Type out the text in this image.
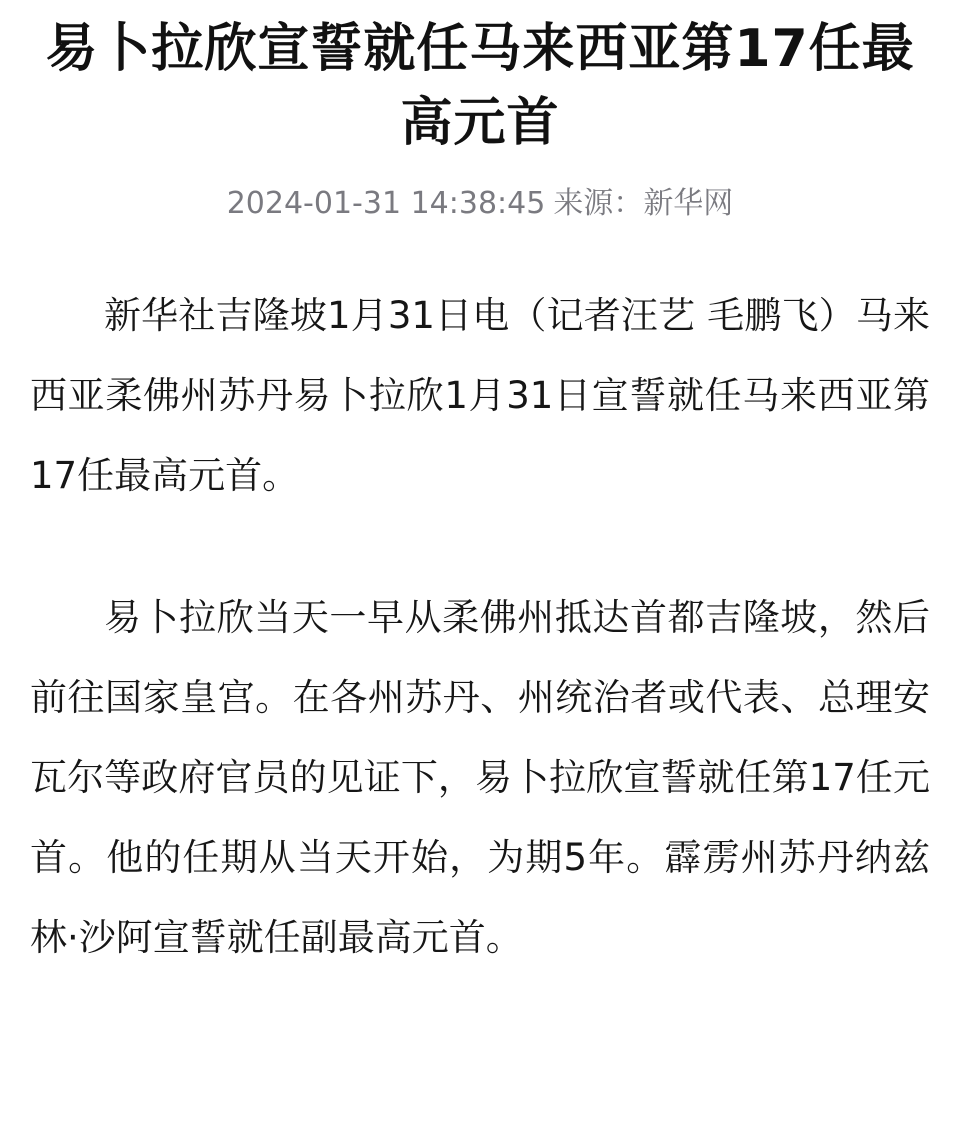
易卜拉欣宣誓就任马来西亚第17任最高元首
2024-01-31 14:38:45 来源：新华网

新华社吉隆坡1月31日电（记者汪艺 毛鹏飞）马来西亚柔佛州苏丹易卜拉欣1月31日宣誓就任马来西亚第17任最高元首。

易卜拉欣当天一早从柔佛州抵达首都吉隆坡，然后前往国家皇宫。在各州苏丹、州统治者或代表、总理安瓦尔等政府官员的见证下，易卜拉欣宣誓就任第17任元首。他的任期从当天开始，为期5年。霹雳州苏丹纳兹林·沙阿宣誓就任副最高元首。
